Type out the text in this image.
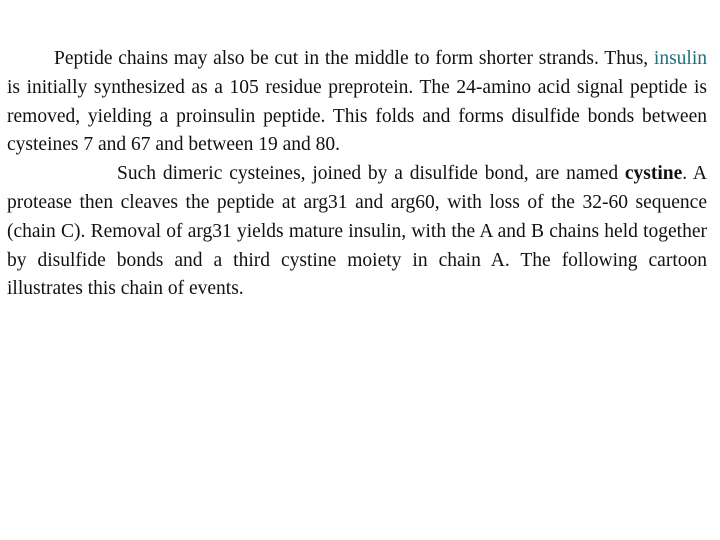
Peptide chains may also be cut in the middle to form shorter strands. Thus, insulin is initially synthesized as a 105 residue preprotein. The 24-amino acid signal peptide is removed, yielding a proinsulin peptide. This folds and forms disulfide bonds between cysteines 7 and 67 and between 19 and 80.

Such dimeric cysteines, joined by a disulfide bond, are named cystine. A protease then cleaves the peptide at arg31 and arg60, with loss of the 32-60 sequence (chain C). Removal of arg31 yields mature insulin, with the A and B chains held together by disulfide bonds and a third cystine moiety in chain A. The following cartoon illustrates this chain of events.
